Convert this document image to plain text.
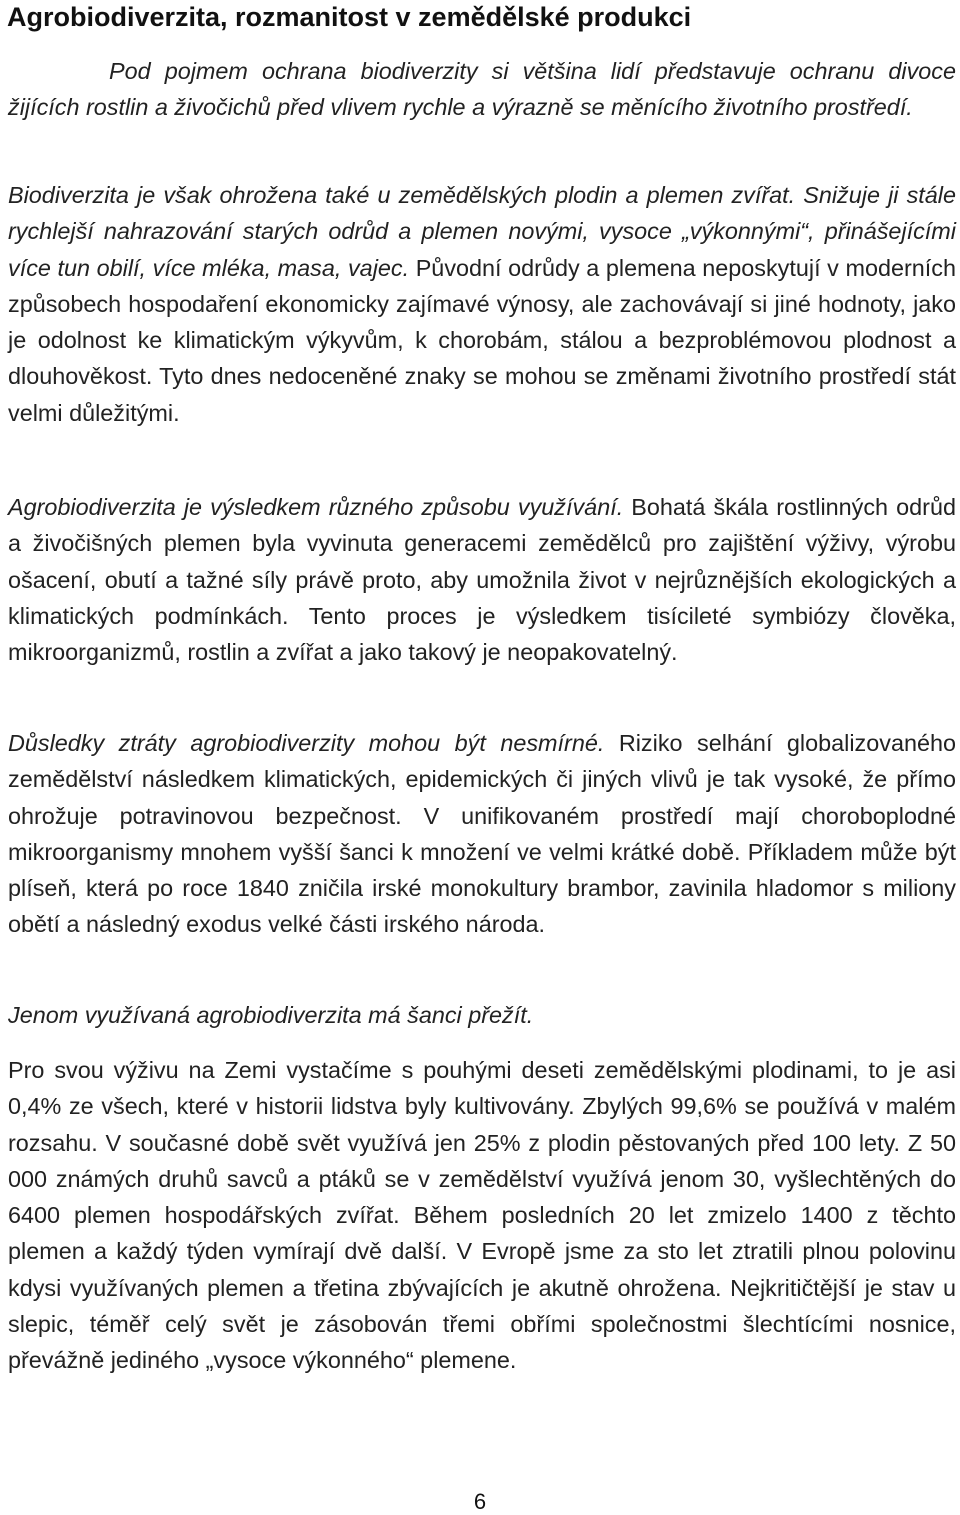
Agrobiodiverzita, rozmanitost v zemědělské produkci

Pod pojmem ochrana biodiverzity si většina lidí představuje ochranu divoce žijících rostlin a živočichů před vlivem rychle a výrazně se měnícího životního prostředí.

Biodiverzita je však ohrožena také u zemědělských plodin a plemen zvířat. Snižuje ji stále rychlejší nahrazování starých odrůd a plemen novými, vysoce „výkonnými“, přinášejícími více tun obilí, více mléka, masa, vajec. Původní odrůdy a plemena neposkytují v moderních způsobech hospodaření ekonomicky zajímavé výnosy, ale zachovávají si jiné hodnoty, jako je odolnost ke klimatickým výkyvům, k chorobám, stálou a bezproblémovou plodnost a dlouhověkost. Tyto dnes nedoceněné znaky se mohou se změnami životního prostředí stát velmi důležitými.

Agrobiodiverzita je výsledkem různého způsobu využívání. Bohatá škála rostlinných odrůd a živočišných plemen byla vyvinuta generacemi zemědělců pro zajištění výživy, výrobu ošacení, obutí a tažné síly právě proto, aby umožnila život v nejrůznějších ekologických a klimatických podmínkách. Tento proces je výsledkem tisícileté symbiózy člověka, mikroorganizmů, rostlin a zvířat a jako takový je neopakovatelný.

Důsledky ztráty agrobiodiverzity mohou být nesmírné. Riziko selhání globalizovaného zemědělství následkem klimatických, epidemických či jiných vlivů je tak vysoké, že přímo ohrožuje potravinovou bezpečnost. V unifikovaném prostředí mají choroboplodné mikroorganismy mnohem vyšší šanci k množení ve velmi krátké době. Příkladem může být plíseň, která po roce 1840 zničila irské monokultury brambor, zavinila hladomor s miliony obětí a následný exodus velké části irského národa.

Jenom využívaná agrobiodiverzita má šanci přežít.

Pro svou výživu na Zemi vystačíme s pouhými deseti zemědělskými plodinami, to je asi 0,4% ze všech, které v historii lidstva byly kultivovány. Zbylých 99,6% se používá v malém rozsahu. V současné době svět využívá jen 25% z plodin pěstovaných před 100 lety. Z 50 000 známých druhů savců a ptáků se v zemědělství využívá jenom 30, vyšlechtěných do 6400 plemen hospodářských zvířat. Během posledních 20 let zmizelo 1400 z těchto plemen a každý týden vymírají dvě další. V Evropě jsme za sto let ztratili plnou polovinu kdysi využívaných plemen a třetina zbývajících je akutně ohrožena. Nejkritičtější je stav u slepic, téměř celý svět je zásobován třemi obřími společnostmi šlechtícími nosnice, převážně jediného „vysoce výkonného“ plemene.

6
